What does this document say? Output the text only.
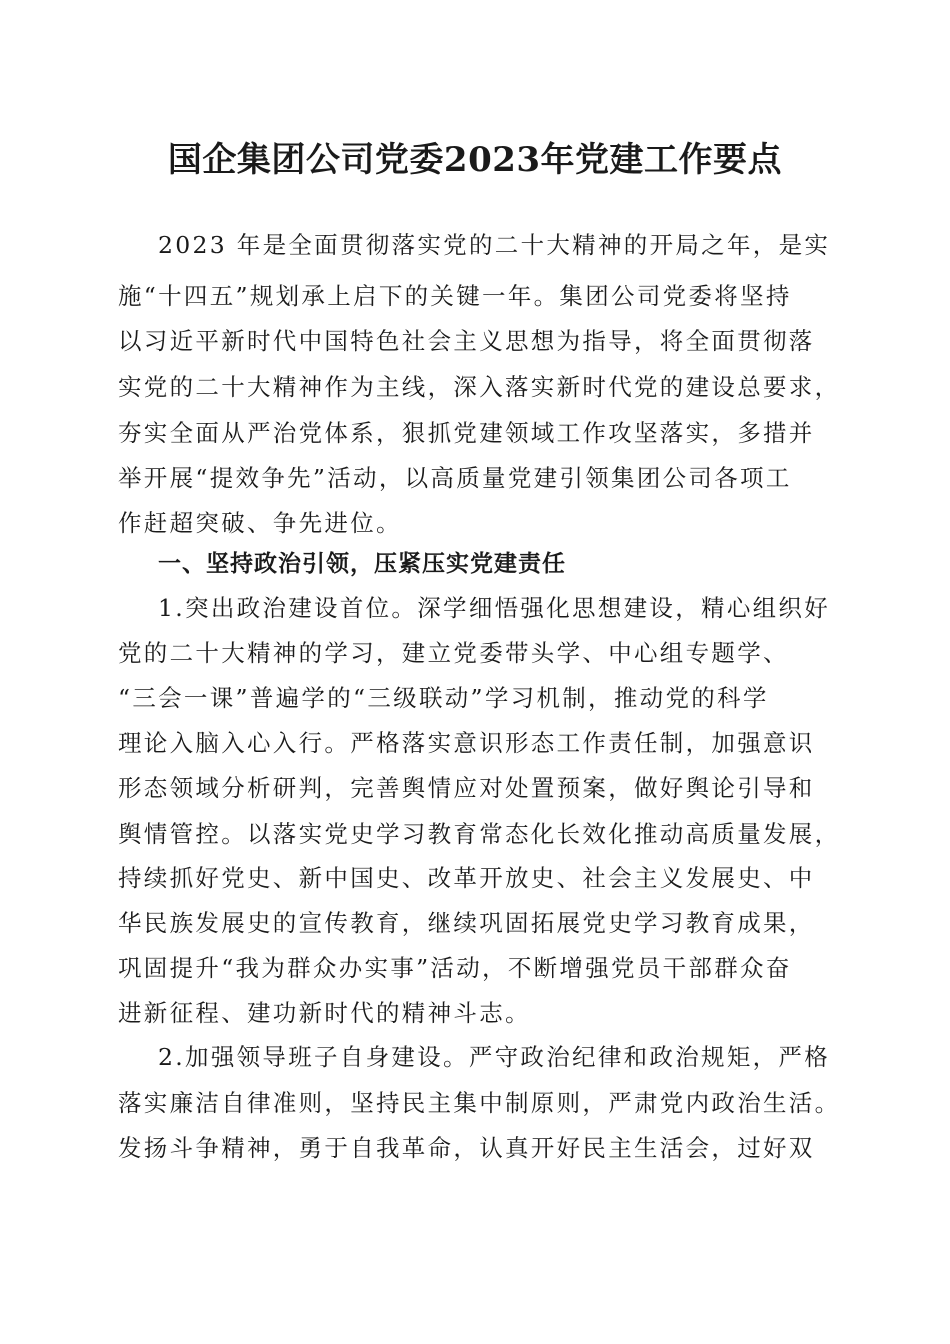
国企集团公司党委2023年党建工作要点
2023 年是全面贯彻落实党的二十大精神的开局之年，是实
施“十四五”规划承上启下的关键一年。集团公司党委将坚持
以习近平新时代中国特色社会主义思想为指导，将全面贯彻落
实党的二十大精神作为主线，深入落实新时代党的建设总要求，
夯实全面从严治党体系，狠抓党建领域工作攻坚落实，多措并
举开展“提效争先”活动，以高质量党建引领集团公司各项工
作赶超突破、争先进位。
一、坚持政治引领，压紧压实党建责任
1.突出政治建设首位。深学细悟强化思想建设，精心组织好
党的二十大精神的学习，建立党委带头学、中心组专题学、
“三会一课”普遍学的“三级联动”学习机制，推动党的科学
理论入脑入心入行。严格落实意识形态工作责任制，加强意识
形态领域分析研判，完善舆情应对处置预案，做好舆论引导和
舆情管控。以落实党史学习教育常态化长效化推动高质量发展，
持续抓好党史、新中国史、改革开放史、社会主义发展史、中
华民族发展史的宣传教育，继续巩固拓展党史学习教育成果，
巩固提升“我为群众办实事”活动，不断增强党员干部群众奋
进新征程、建功新时代的精神斗志。
2.加强领导班子自身建设。严守政治纪律和政治规矩，严格
落实廉洁自律准则，坚持民主集中制原则，严肃党内政治生活。
发扬斗争精神，勇于自我革命，认真开好民主生活会，过好双
